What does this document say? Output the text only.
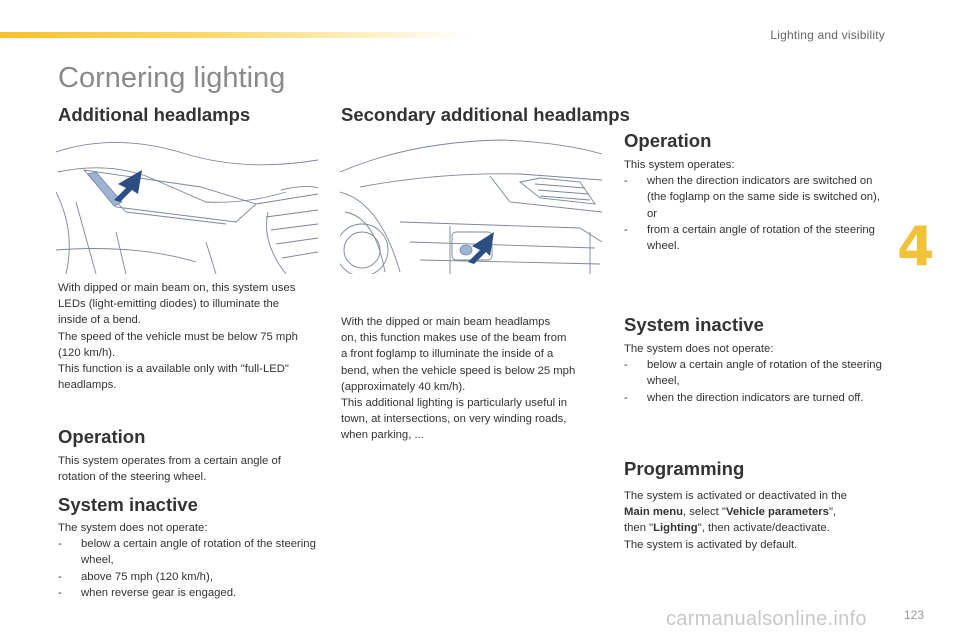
Lighting and visibility
Cornering lighting
4
Additional headlamps
With dipped or main beam on, this system uses
LEDs (light-emitting diodes) to illuminate the
inside of a bend.
The speed of the vehicle must be below 75 mph
(120 km/h).
This function is a available only with "full-LED"
headlamps.
Operation
This system operates from a certain angle of
rotation of the steering wheel.
System inactive
The system does not operate:
- below a certain angle of rotation of the steering wheel,
- above 75 mph (120 km/h),
- when reverse gear is engaged.
Secondary additional headlamps
With the dipped or main beam headlamps
on, this function makes use of the beam from
a front foglamp to illuminate the inside of a
bend, when the vehicle speed is below 25 mph
(approximately 40 km/h).
This additional lighting is particularly useful in
town, at intersections, on very winding roads,
when parking, ...
Operation
This system operates:
- when the direction indicators are switched on (the foglamp on the same side is switched on),
or
- from a certain angle of rotation of the steering wheel.
System inactive
The system does not operate:
- below a certain angle of rotation of the steering wheel,
- when the direction indicators are turned off.
Programming
The system is activated or deactivated in the
Main menu, select "Vehicle parameters",
then "Lighting", then activate/deactivate.
The system is activated by default.
carmanualsonline.info	123
